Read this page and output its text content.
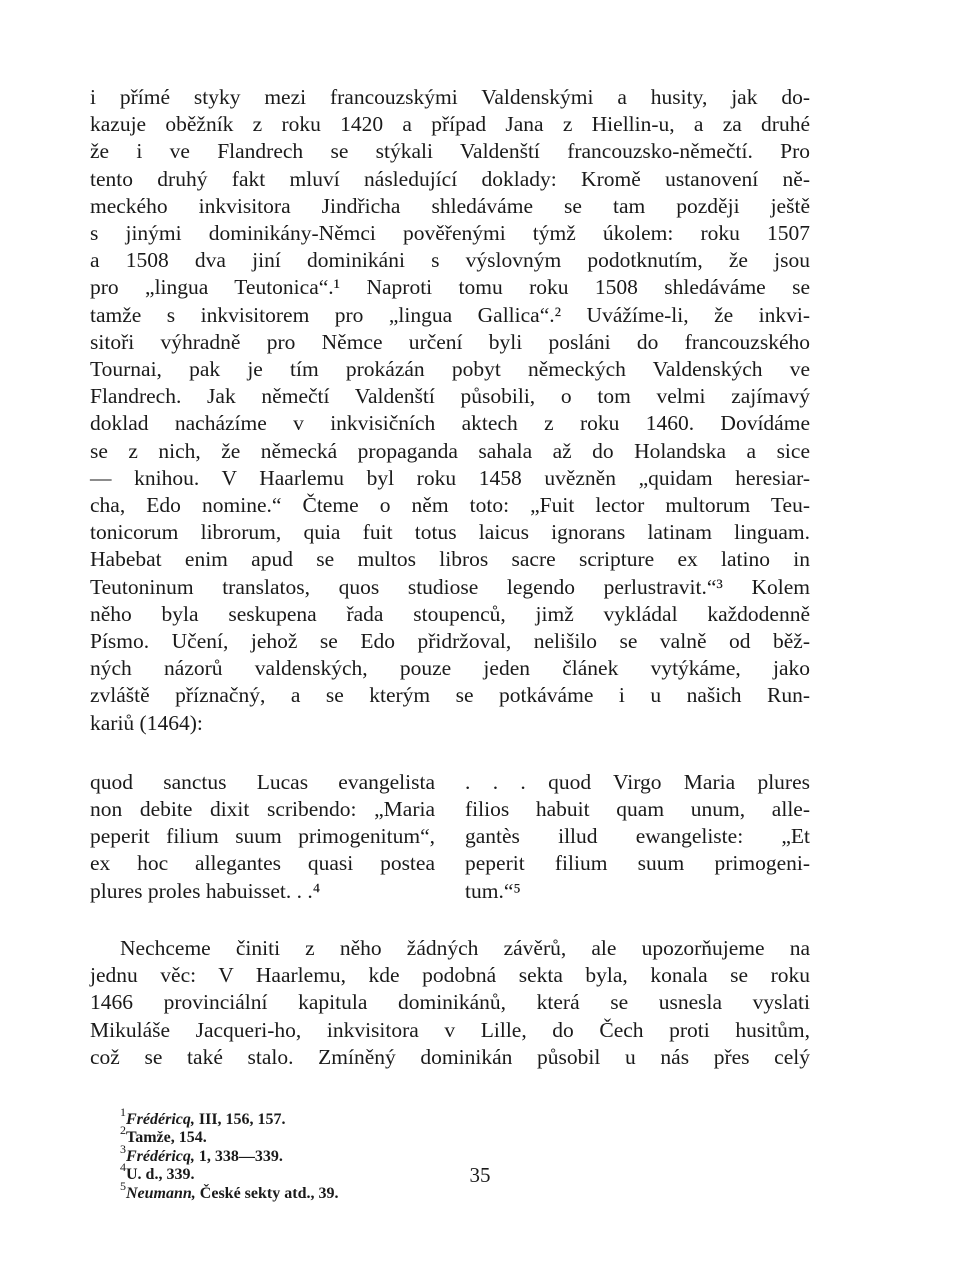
i přímé styky mezi francouzskými Valdenskými a husity, jak do-
kazuje oběžník z roku 1420 a případ Jana z Hiellin-u, a za druhé
že i ve Flandrech se stýkali Valdenští francouzsko-němečtí. Pro
tento druhý fakt mluví následující doklady: Kromě ustanovení ně-
meckého inkvisitora Jindřicha shledáváme se tam později ještě
s jinými dominikány-Němci pověřenými týmž úkolem: roku 1507
a 1508 dva jiní dominikáni s výslovným podotknutím, že jsou
pro „lingua Teutonica“.¹ Naproti tomu roku 1508 shledáváme se
tamže s inkvisitorem pro „lingua Gallica“.² Uvážíme-li, že inkvi-
sitoři výhradně pro Němce určení byli posláni do francouzského
Tournai, pak je tím prokázán pobyt německých Valdenských ve
Flandrech. Jak němečtí Valdenští působili, o tom velmi zajímavý
doklad nacházíme v inkvisičních aktech z roku 1460. Dovídáme
se z nich, že německá propaganda sahala až do Holandska a sice
— knihou. V Haarlemu byl roku 1458 uvězněn „quidam heresiar-
cha, Edo nomine.“ Čteme o něm toto: „Fuit lector multorum Teu-
tonicorum librorum, quia fuit totus laicus ignorans latinam linguam.
Habebat enim apud se multos libros sacre scripture ex latino in
Teutoninum translatos, quos studiose legendo perlustravit.“³ Kolem
něho byla seskupena řada stoupenců, jimž vykládal každodenně
Písmo. Učení, jehož se Edo přidržoval, nelišilo se valně od běž-
ných názorů valdenských, pouze jeden článek vytýkáme, jako
zvláště příznačný, a se kterým se potkáváme i u našich Run-
kariů (1464):

quod sanctus Lucas evangelista
non debite dixit scribendo: „Maria
peperit filium suum primogenitum“,
ex hoc allegantes quasi postea
plures proles habuisset. . .⁴
. . . quod Virgo Maria plures
filios habuit quam unum, alle-
gantès illud ewangeliste: „Et
peperit filium suum primogeni-
tum.“⁵

Nechceme činiti z něho žádných závěrů, ale upozorňujeme na
jednu věc: V Haarlemu, kde podobná sekta byla, konala se roku
1466 provinciální kapitula dominikánů, která se usnesla vyslati
Mikuláše Jacqueri-ho, inkvisitora v Lille, do Čech proti husitům,
což se také stalo. Zmíněný dominikán působil u nás přes celý

$^1$Frédéricq, III, 156, 157.
$^2$Tamže, 154.
$^3$Frédéricq, 1, 338—339.
$^4$U. d., 339.
$^5$Neumann, České sekty atd., 39.
35
